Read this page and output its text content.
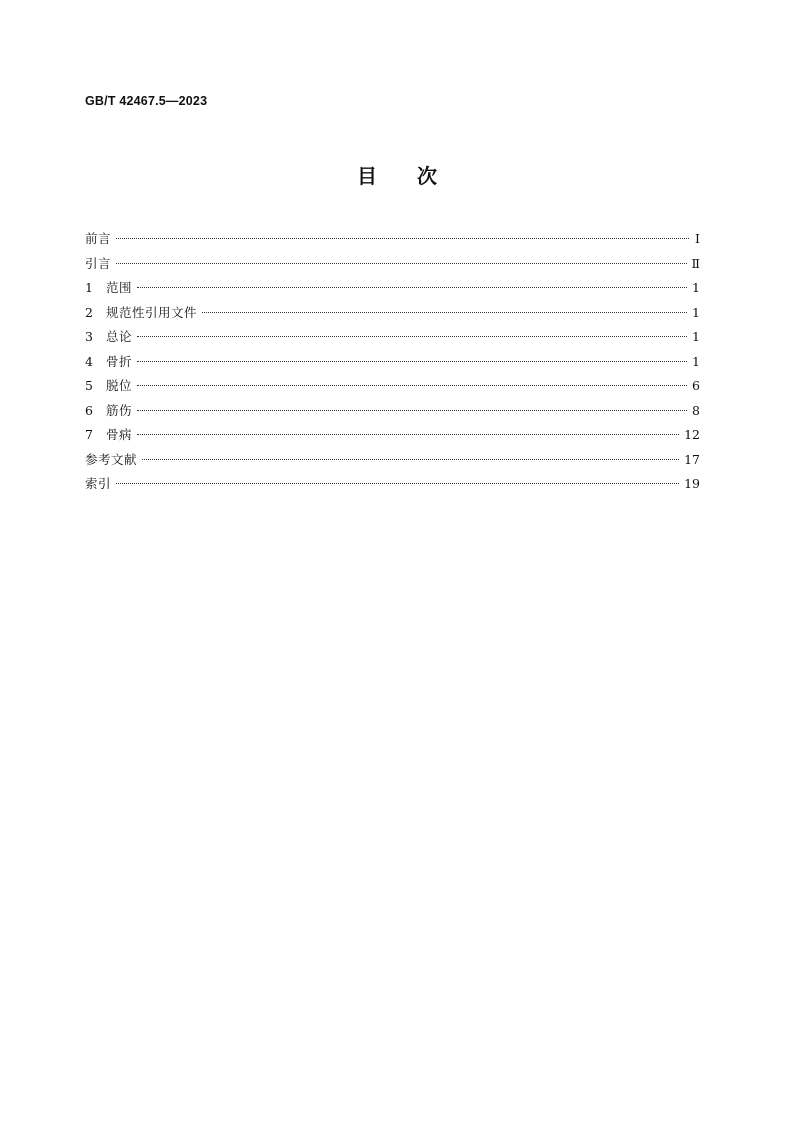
GB/T 42467.5—2023
目　　次
前言	Ⅰ
引言	Ⅱ
1	范围	1
2	规范性引用文件	1
3	总论	1
4	骨折	1
5	脱位	6
6	筋伤	8
7	骨病	12
参考文献	17
索引	19
